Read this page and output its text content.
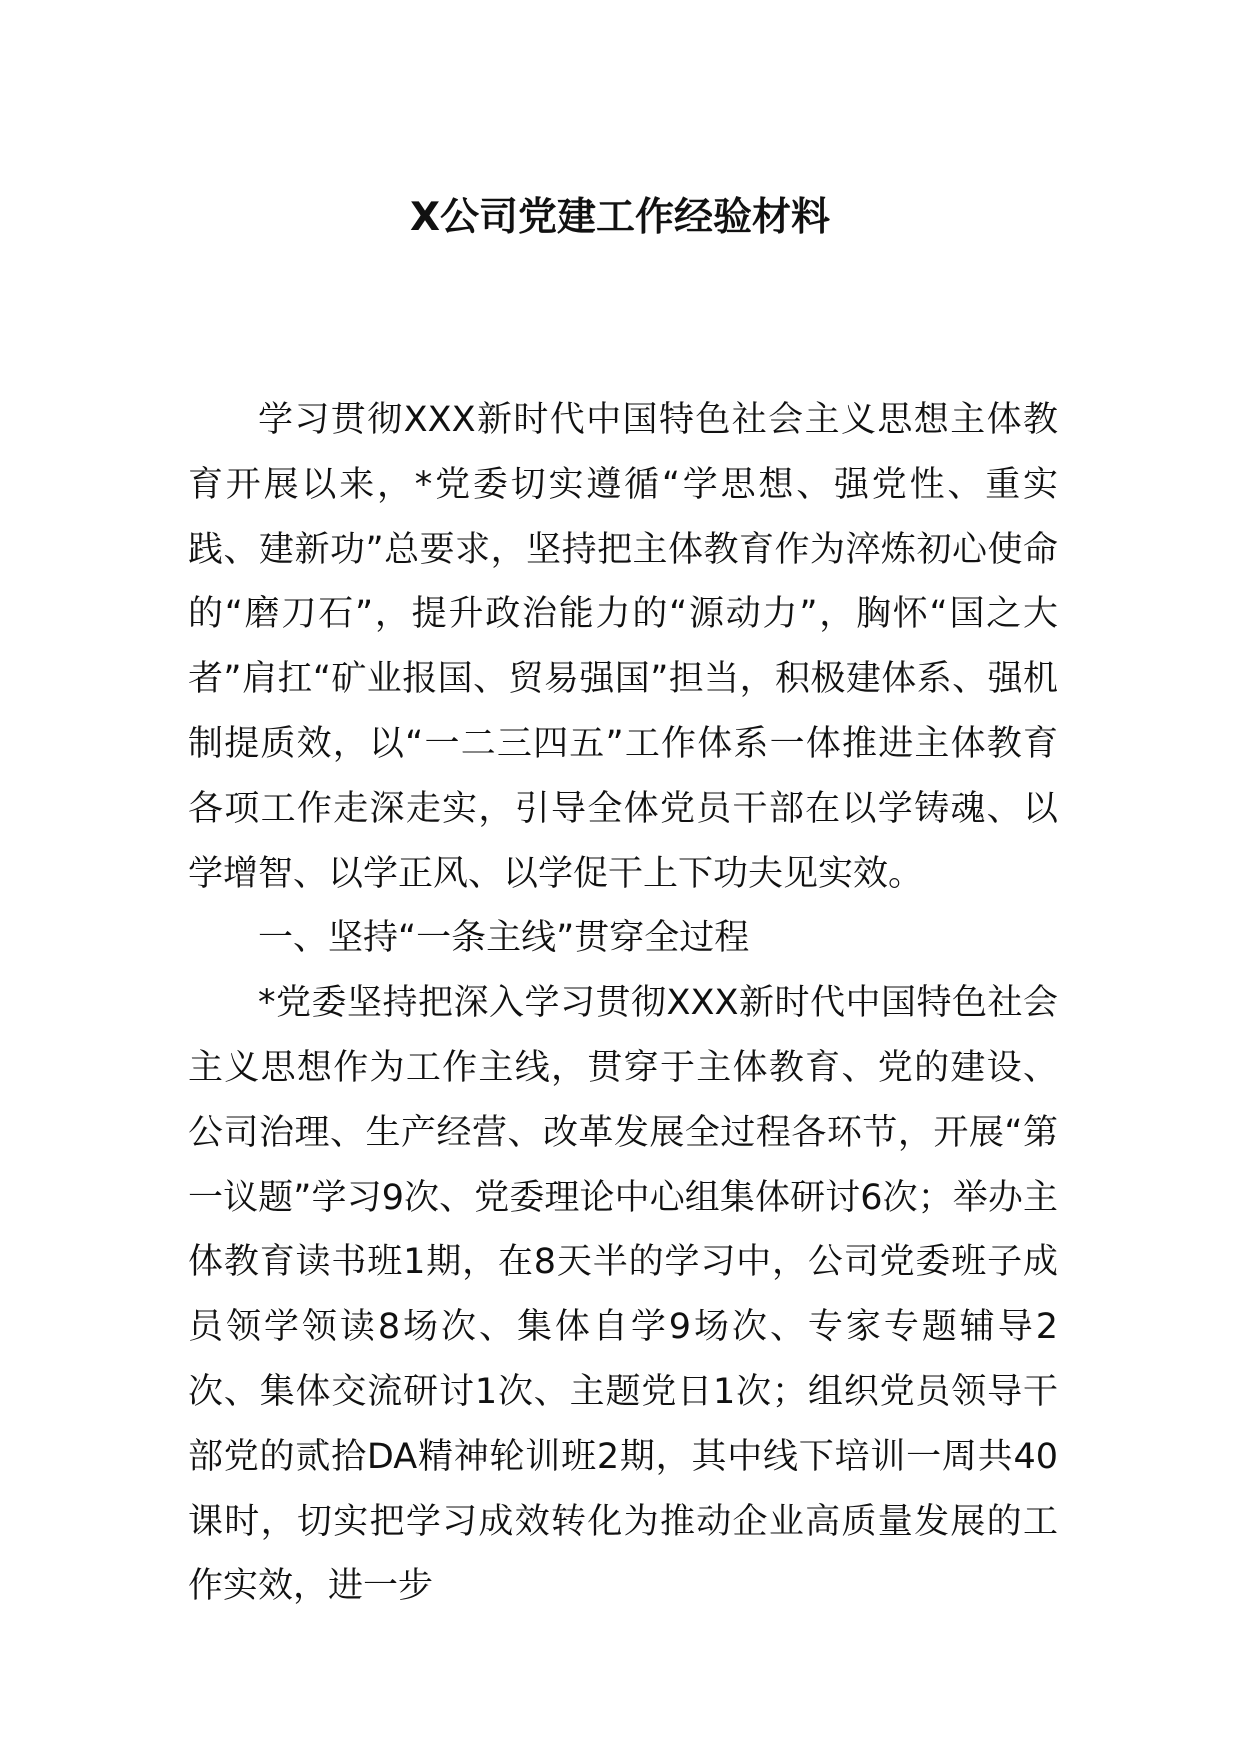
X公司党建工作经验材料

学习贯彻XXX新时代中国特色社会主义思想主体教育开展以来，*党委切实遵循“学思想、强党性、重实践、建新功”总要求，坚持把主体教育作为淬炼初心使命的“磨刀石”，提升政治能力的“源动力”，胸怀“国之大者”肩扛“矿业报国、贸易强国”担当，积极建体系、强机制提质效，以“一二三四五”工作体系一体推进主体教育各项工作走深走实，引导全体党员干部在以学铸魂、以学增智、以学正风、以学促干上下功夫见实效。

一、坚持“一条主线”贯穿全过程

*党委坚持把深入学习贯彻XXX新时代中国特色社会主义思想作为工作主线，贯穿于主体教育、党的建设、公司治理、生产经营、改革发展全过程各环节，开展“第一议题”学习9次、党委理论中心组集体研讨6次；举办主体教育读书班1期，在8天半的学习中，公司党委班子成员领学领读8场次、集体自学9场次、专家专题辅导2次、集体交流研讨1次、主题党日1次；组织党员领导干部党的贰拾DA精神轮训班2期，其中线下培训一周共40课时，切实把学习成效转化为推动企业高质量发展的工作实效，进一步
